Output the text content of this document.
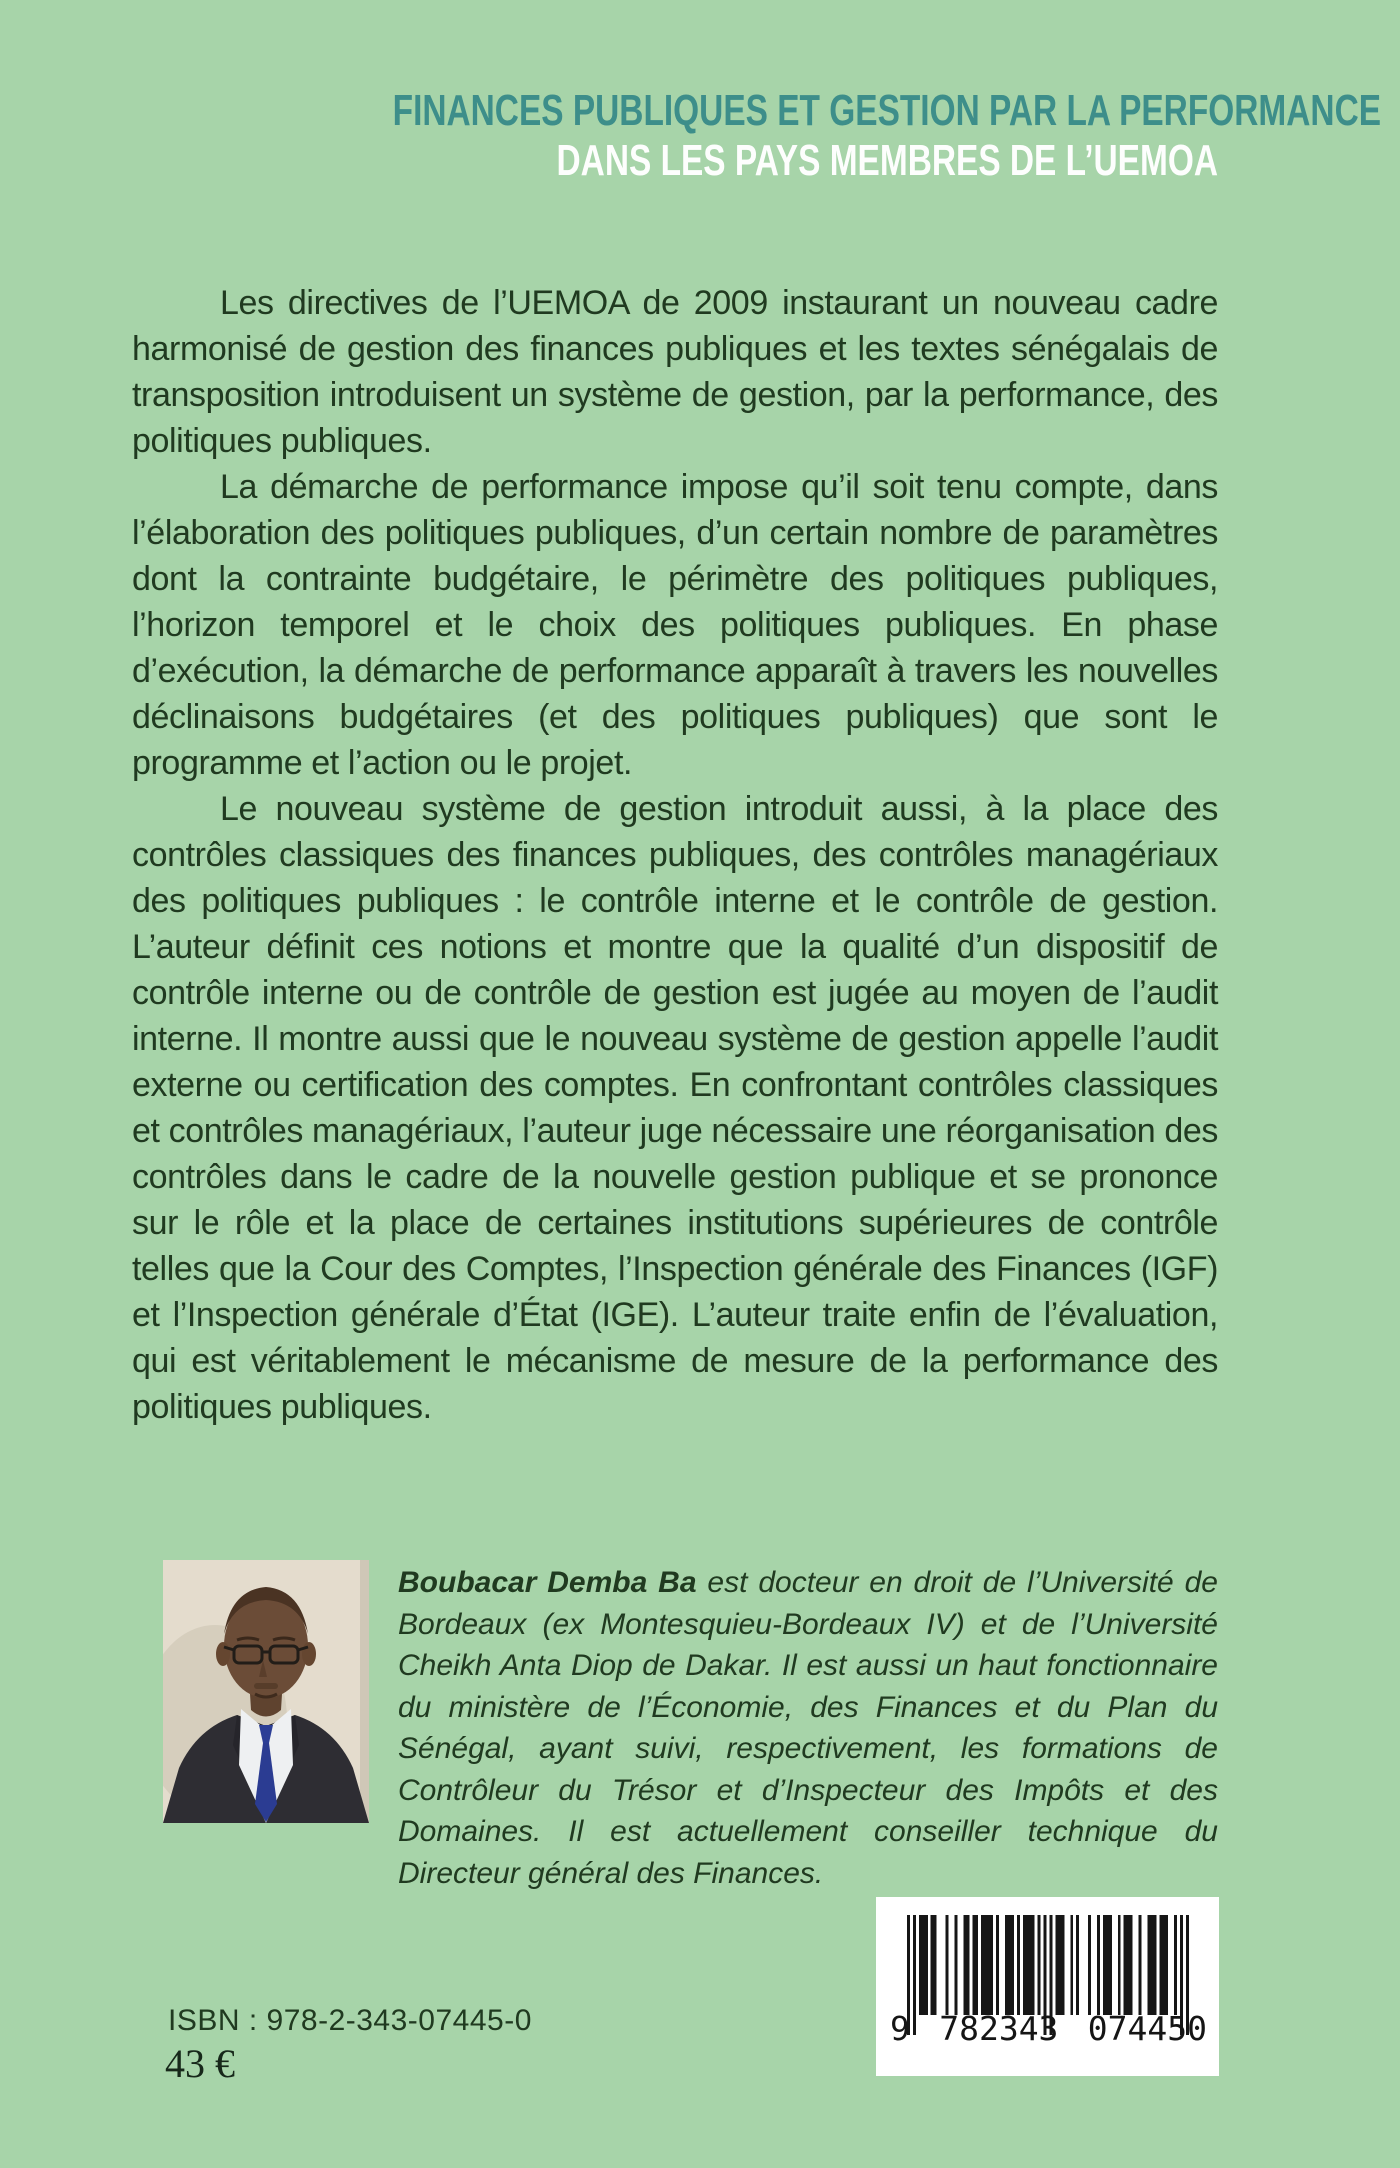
FINANCES PUBLIQUES ET GESTION PAR LA PERFORMANCE
DANS LES PAYS MEMBRES DE L’UEMOA

Les directives de l’UEMOA de 2009 instaurant un nouveau cadre harmonisé de gestion des finances publiques et les textes sénégalais de transposition introduisent un système de gestion, par la performance, des politiques publiques.

La démarche de performance impose qu’il soit tenu compte, dans l’élaboration des politiques publiques, d’un certain nombre de paramètres dont la contrainte budgétaire, le périmètre des politiques publiques, l’horizon temporel et le choix des politiques publiques. En phase d’exécution, la démarche de performance apparaît à travers les nouvelles déclinaisons budgétaires (et des politiques publiques) que sont le programme et l’action ou le projet.

Le nouveau système de gestion introduit aussi, à la place des contrôles classiques des finances publiques, des contrôles managériaux des politiques publiques : le contrôle interne et le contrôle de gestion. L’auteur définit ces notions et montre que la qualité d’un dispositif de contrôle interne ou de contrôle de gestion est jugée au moyen de l’audit interne. Il montre aussi que le nouveau système de gestion appelle l’audit externe ou certification des comptes. En confrontant contrôles classiques et contrôles managériaux, l’auteur juge nécessaire une réorganisation des contrôles dans le cadre de la nouvelle gestion publique et se prononce sur le rôle et la place de certaines institutions supérieures de contrôle telles que la Cour des Comptes, l’Inspection générale des Finances (IGF) et l’Inspection générale d’État (IGE). L’auteur traite enfin de l’évaluation, qui est véritablement le mécanisme de mesure de la performance des politiques publiques.

Boubacar Demba Ba est docteur en droit de l’Université de Bordeaux (ex Montesquieu-Bordeaux IV) et de l’Université Cheikh Anta Diop de Dakar. Il est aussi un haut fonctionnaire du ministère de l’Économie, des Finances et du Plan du Sénégal, ayant suivi, respectivement, les formations de Contrôleur du Trésor et d’Inspecteur des Impôts et des Domaines. Il est actuellement conseiller technique du Directeur général des Finances.

ISBN : 978-2-343-07445-0
43 €
9 782343 074450
